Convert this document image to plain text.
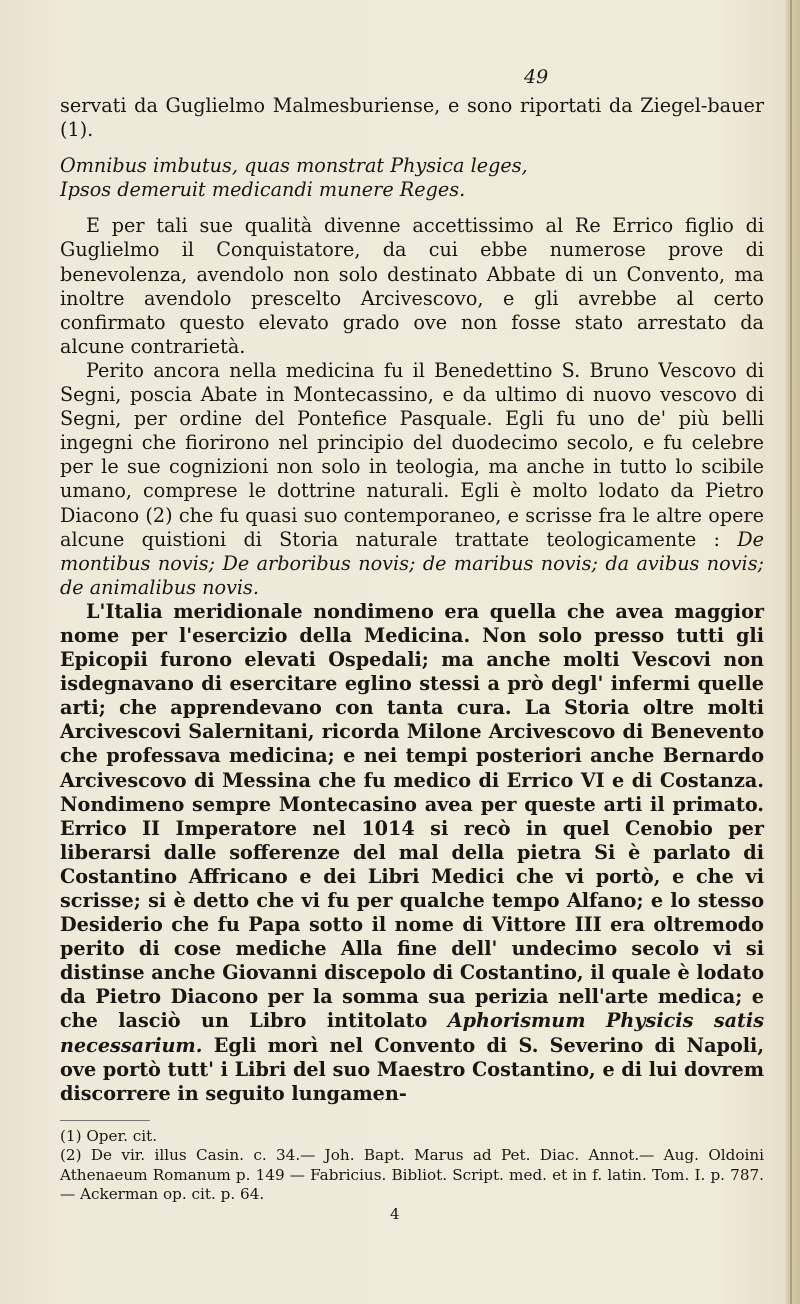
49

servati da Guglielmo Malmesburiense, e sono riportati da Ziegel-bauer (1).

Omnibus imbutus, quas monstrat Physica leges,
Ipsos demeruit medicandi munere Reges.

E per tali sue qualità divenne accettissimo al Re Errico figlio di Guglielmo il Conquistatore, da cui ebbe numerose prove di benevolenza, avendolo non solo destinato Abbate di un Convento, ma inoltre avendolo prescelto Arcivescovo, e gli avrebbe al certo confirmato questo elevato grado ove non fosse stato arrestato da alcune contrarietà.

Perito ancora nella medicina fu il Benedettino S. Bruno Vescovo di Segni, poscia Abate in Montecassino, e da ultimo di nuovo vescovo di Segni, per ordine del Pontefice Pasquale. Egli fu uno de' più belli ingegni che fiorirono nel principio del duodecimo secolo, e fu celebre per le sue cognizioni non solo in teologia, ma anche in tutto lo scibile umano, comprese le dottrine naturali. Egli è molto lodato da Pietro Diacono (2) che fu quasi suo contemporaneo, e scrisse fra le altre opere alcune quistioni di Storia naturale trattate teologicamente : De montibus novis; De arboribus novis; de maribus novis; da avibus novis; de animalibus novis.

L'Italia meridionale nondimeno era quella che avea maggior nome per l'esercizio della Medicina. Non solo presso tutti gli Epicopii furono elevati Ospedali; ma anche molti Vescovi non isdegnavano di esercitare eglino stessi a prò degl' infermi quelle arti; che apprendevano con tanta cura. La Storia oltre molti Arcivescovi Salernitani, ricorda Milone Arcivescovo di Benevento che professava medicina; e nei tempi posteriori anche Bernardo Arcivescovo di Messina che fu medico di Errico VI e di Costanza. Nondimeno sempre Montecasino avea per queste arti il primato. Errico II Imperatore nel 1014 si recò in quel Cenobio per liberarsi dalle sofferenze del mal della pietra Si è parlato di Costantino Affricano e dei Libri Medici che vi portò, e che vi scrisse; si è detto che vi fu per qualche tempo Alfano; e lo stesso Desiderio che fu Papa sotto il nome di Vittore III era oltremodo perito di cose mediche Alla fine dell' undecimo secolo vi si distinse anche Giovanni discepolo di Costantino, il quale è lodato da Pietro Diacono per la somma sua perizia nell'arte medica; e che lasciò un Libro intitolato Aphorismum Physicis satis necessarium. Egli morì nel Convento di S. Severino di Napoli, ove portò tutt' i Libri del suo Maestro Costantino, e di lui dovrem discorrere in seguito lungamen-

(1) Oper. cit.

(2) De vir. illus Casin. c. 34.— Joh. Bapt. Marus ad Pet. Diac. Annot.— Aug. Oldoini Athenaeum Romanum p. 149 — Fabricius. Bibliot. Script. med. et in f. latin. Tom. I. p. 787. — Ackerman op. cit. p. 64.

4
